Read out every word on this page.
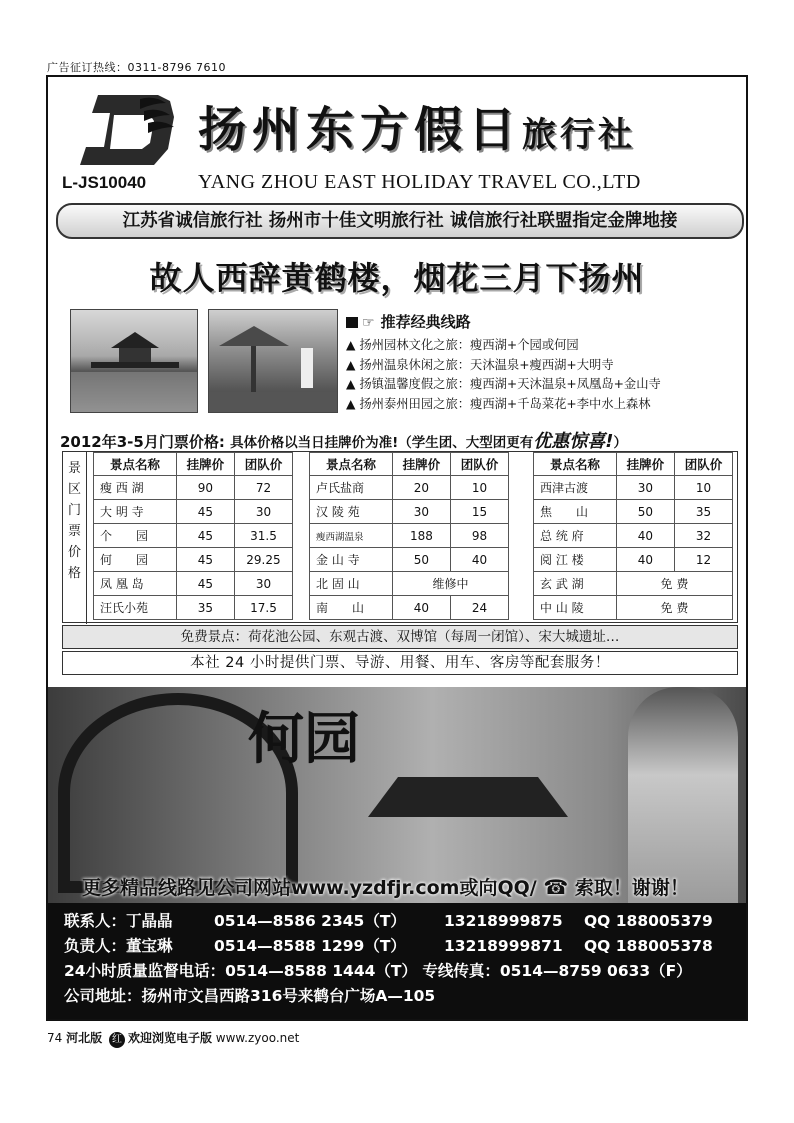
广告征订热线：0311-8796 7610
扬州东方假日旅行社
L-JS10040	YANG ZHOU EAST HOLIDAY TRAVEL CO.,LTD
江苏省诚信旅行社 扬州市十佳文明旅行社 诚信旅行社联盟指定金牌地接
故人西辞黄鹤楼，烟花三月下扬州
☞ 推荐经典线路
▲ 扬州园林文化之旅：瘦西湖+个园或何园
▲ 扬州温泉休闲之旅：天沐温泉+瘦西湖+大明寺
▲ 扬镇温馨度假之旅：瘦西湖+天沐温泉+凤凰岛+金山寺
▲ 扬州泰州田园之旅：瘦西湖+千岛菜花+李中水上森林
2012年3-5月门票价格: 具体价格以当日挂牌价为准!（学生团、大型团更有优惠惊喜!）
景
区
门
票
价
格
景点名称	挂牌价	团队价
瘦 西 湖	90	72
大 明 寺	45	30
个　　园	45	31.5
何　　园	45	29.25
凤 凰 岛	45	30
汪氏小苑	35	17.5
景点名称	挂牌价	团队价
卢氏盐商	20	10
汉 陵 苑	30	15
瘦西湖温泉	188	98
金 山 寺	50	40
北 固 山	维修中	
南　　山	40	24
景点名称	挂牌价	团队价
西津古渡	30	10
焦　　山	50	35
总 统 府	40	32
阅 江 楼	40	12
玄 武 湖	免 费	
中 山 陵	免 费	
免费景点：荷花池公园、东观古渡、双博馆（每周一闭馆）、宋大城遗址…
本社 24 小时提供门票、导游、用餐、用车、客房等配套服务！
何园
更多精品线路见公司网站www.yzdfjr.com或向QQ/ ☎ 索取！谢谢！
联系人：丁晶晶	0514—8586 2345（T） 13218999875 QQ 188005379
负责人：董宝琳	0514—8588 1299（T） 13218999871 QQ 188005378
24小时质量监督电话：0514—8588 1444（T） 专线传真：0514—8759 0633（F）
公司地址：扬州市文昌西路316号来鹤台广场A—105
74 河北版 红 欢迎浏览电子版 www.zyoo.net
